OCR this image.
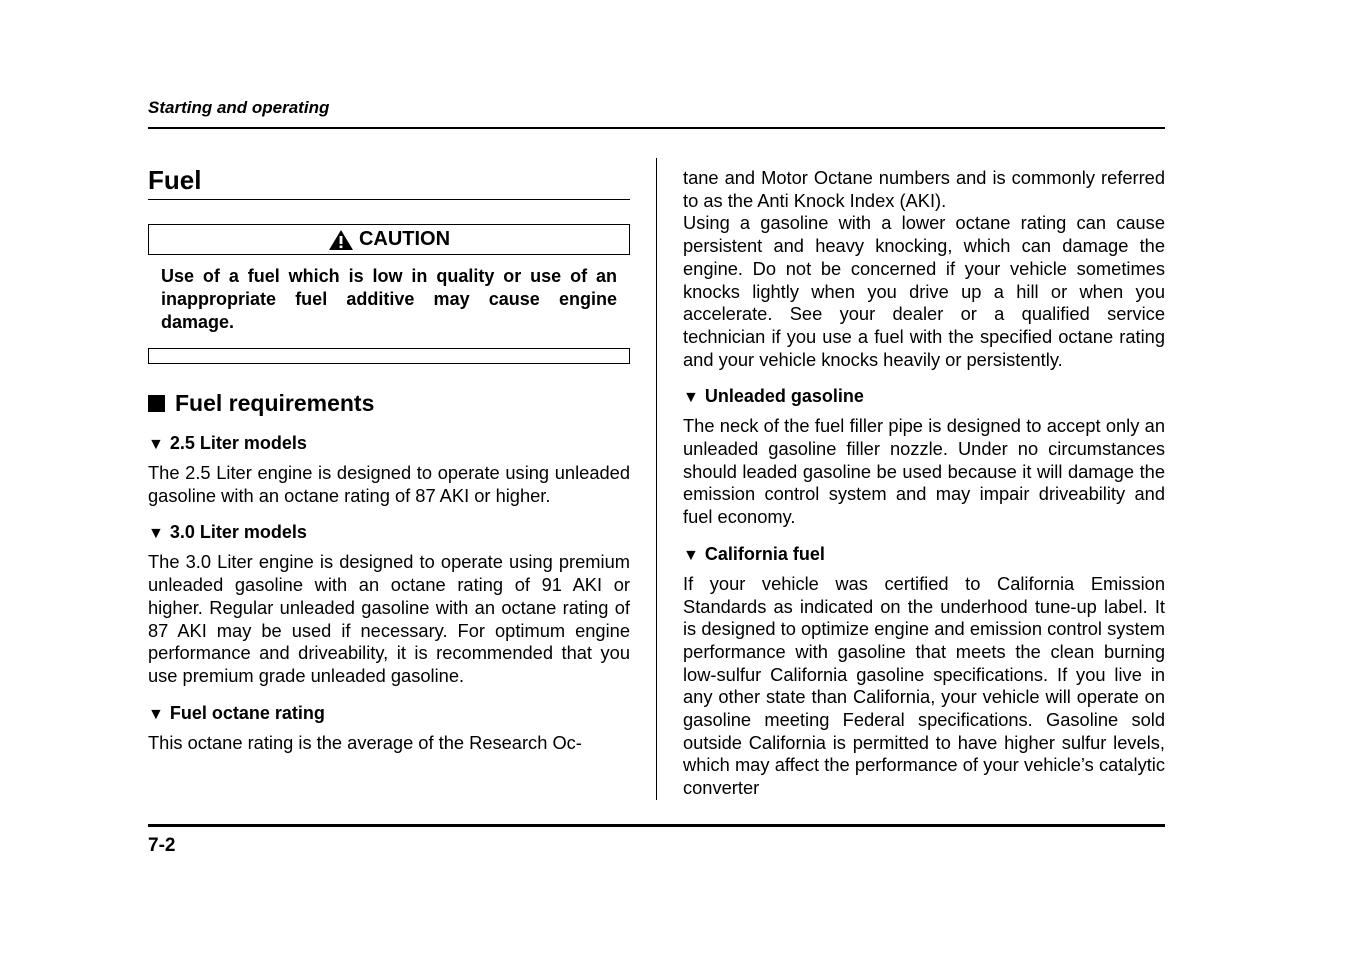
Starting and operating
Fuel
CAUTION
Use of a fuel which is low in quality or use of an inappropriate fuel additive may cause engine damage.
Fuel requirements
▼ 2.5 Liter models
The 2.5 Liter engine is designed to operate using unleaded gasoline with an octane rating of 87 AKI or higher.
▼ 3.0 Liter models
The 3.0 Liter engine is designed to operate using premium unleaded gasoline with an octane rating of 91 AKI or higher. Regular unleaded gasoline with an octane rating of 87 AKI may be used if necessary. For optimum engine performance and driveability, it is recommended that you use premium grade unleaded gasoline.
▼ Fuel octane rating
This octane rating is the average of the Research Oc-
tane and Motor Octane numbers and is commonly referred to as the Anti Knock Index (AKI).
Using a gasoline with a lower octane rating can cause persistent and heavy knocking, which can damage the engine. Do not be concerned if your vehicle sometimes knocks lightly when you drive up a hill or when you accelerate. See your dealer or a qualified service technician if you use a fuel with the specified octane rating and your vehicle knocks heavily or persistently.
▼ Unleaded gasoline
The neck of the fuel filler pipe is designed to accept only an unleaded gasoline filler nozzle. Under no circumstances should leaded gasoline be used because it will damage the emission control system and may impair driveability and fuel economy.
▼ California fuel
If your vehicle was certified to California Emission Standards as indicated on the underhood tune-up label. It is designed to optimize engine and emission control system performance with gasoline that meets the clean burning low-sulfur California gasoline specifications. If you live in any other state than California, your vehicle will operate on gasoline meeting Federal specifications. Gasoline sold outside California is permitted to have higher sulfur levels, which may affect the performance of your vehicle’s catalytic converter
7-2
